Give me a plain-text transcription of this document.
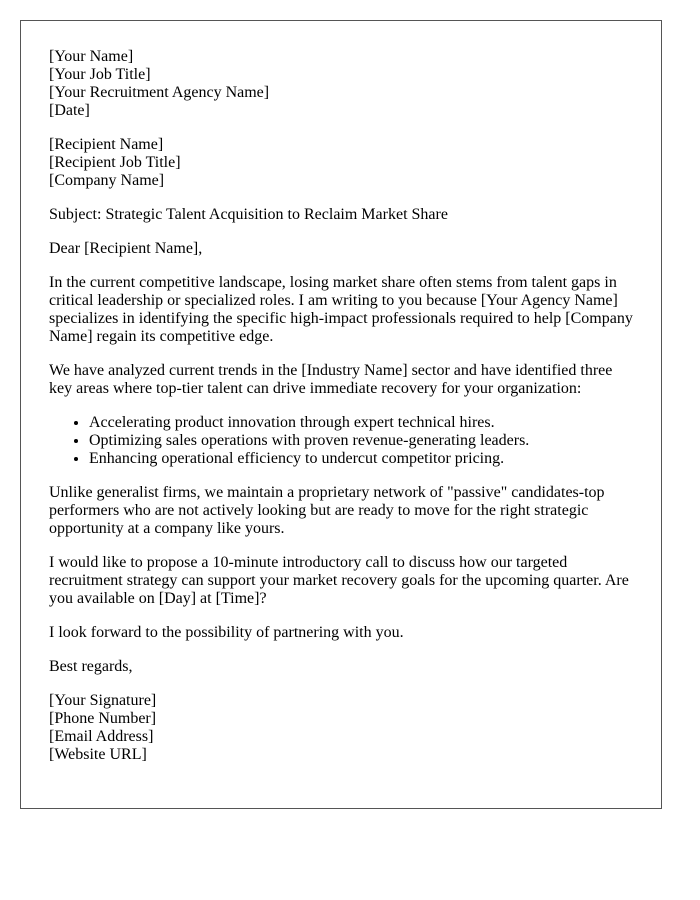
[Your Name]
[Your Job Title]
[Your Recruitment Agency Name]
[Date]

[Recipient Name]
[Recipient Job Title]
[Company Name]

Subject: Strategic Talent Acquisition to Reclaim Market Share

Dear [Recipient Name],

In the current competitive landscape, losing market share often stems from talent gaps in critical leadership or specialized roles. I am writing to you because [Your Agency Name] specializes in identifying the specific high-impact professionals required to help [Company Name] regain its competitive edge.

We have analyzed current trends in the [Industry Name] sector and have identified three key areas where top-tier talent can drive immediate recovery for your organization:

• Accelerating product innovation through expert technical hires.
• Optimizing sales operations with proven revenue-generating leaders.
• Enhancing operational efficiency to undercut competitor pricing.

Unlike generalist firms, we maintain a proprietary network of "passive" candidates-top performers who are not actively looking but are ready to move for the right strategic opportunity at a company like yours.

I would like to propose a 10-minute introductory call to discuss how our targeted recruitment strategy can support your market recovery goals for the upcoming quarter. Are you available on [Day] at [Time]?

I look forward to the possibility of partnering with you.

Best regards,

[Your Signature]
[Phone Number]
[Email Address]
[Website URL]
